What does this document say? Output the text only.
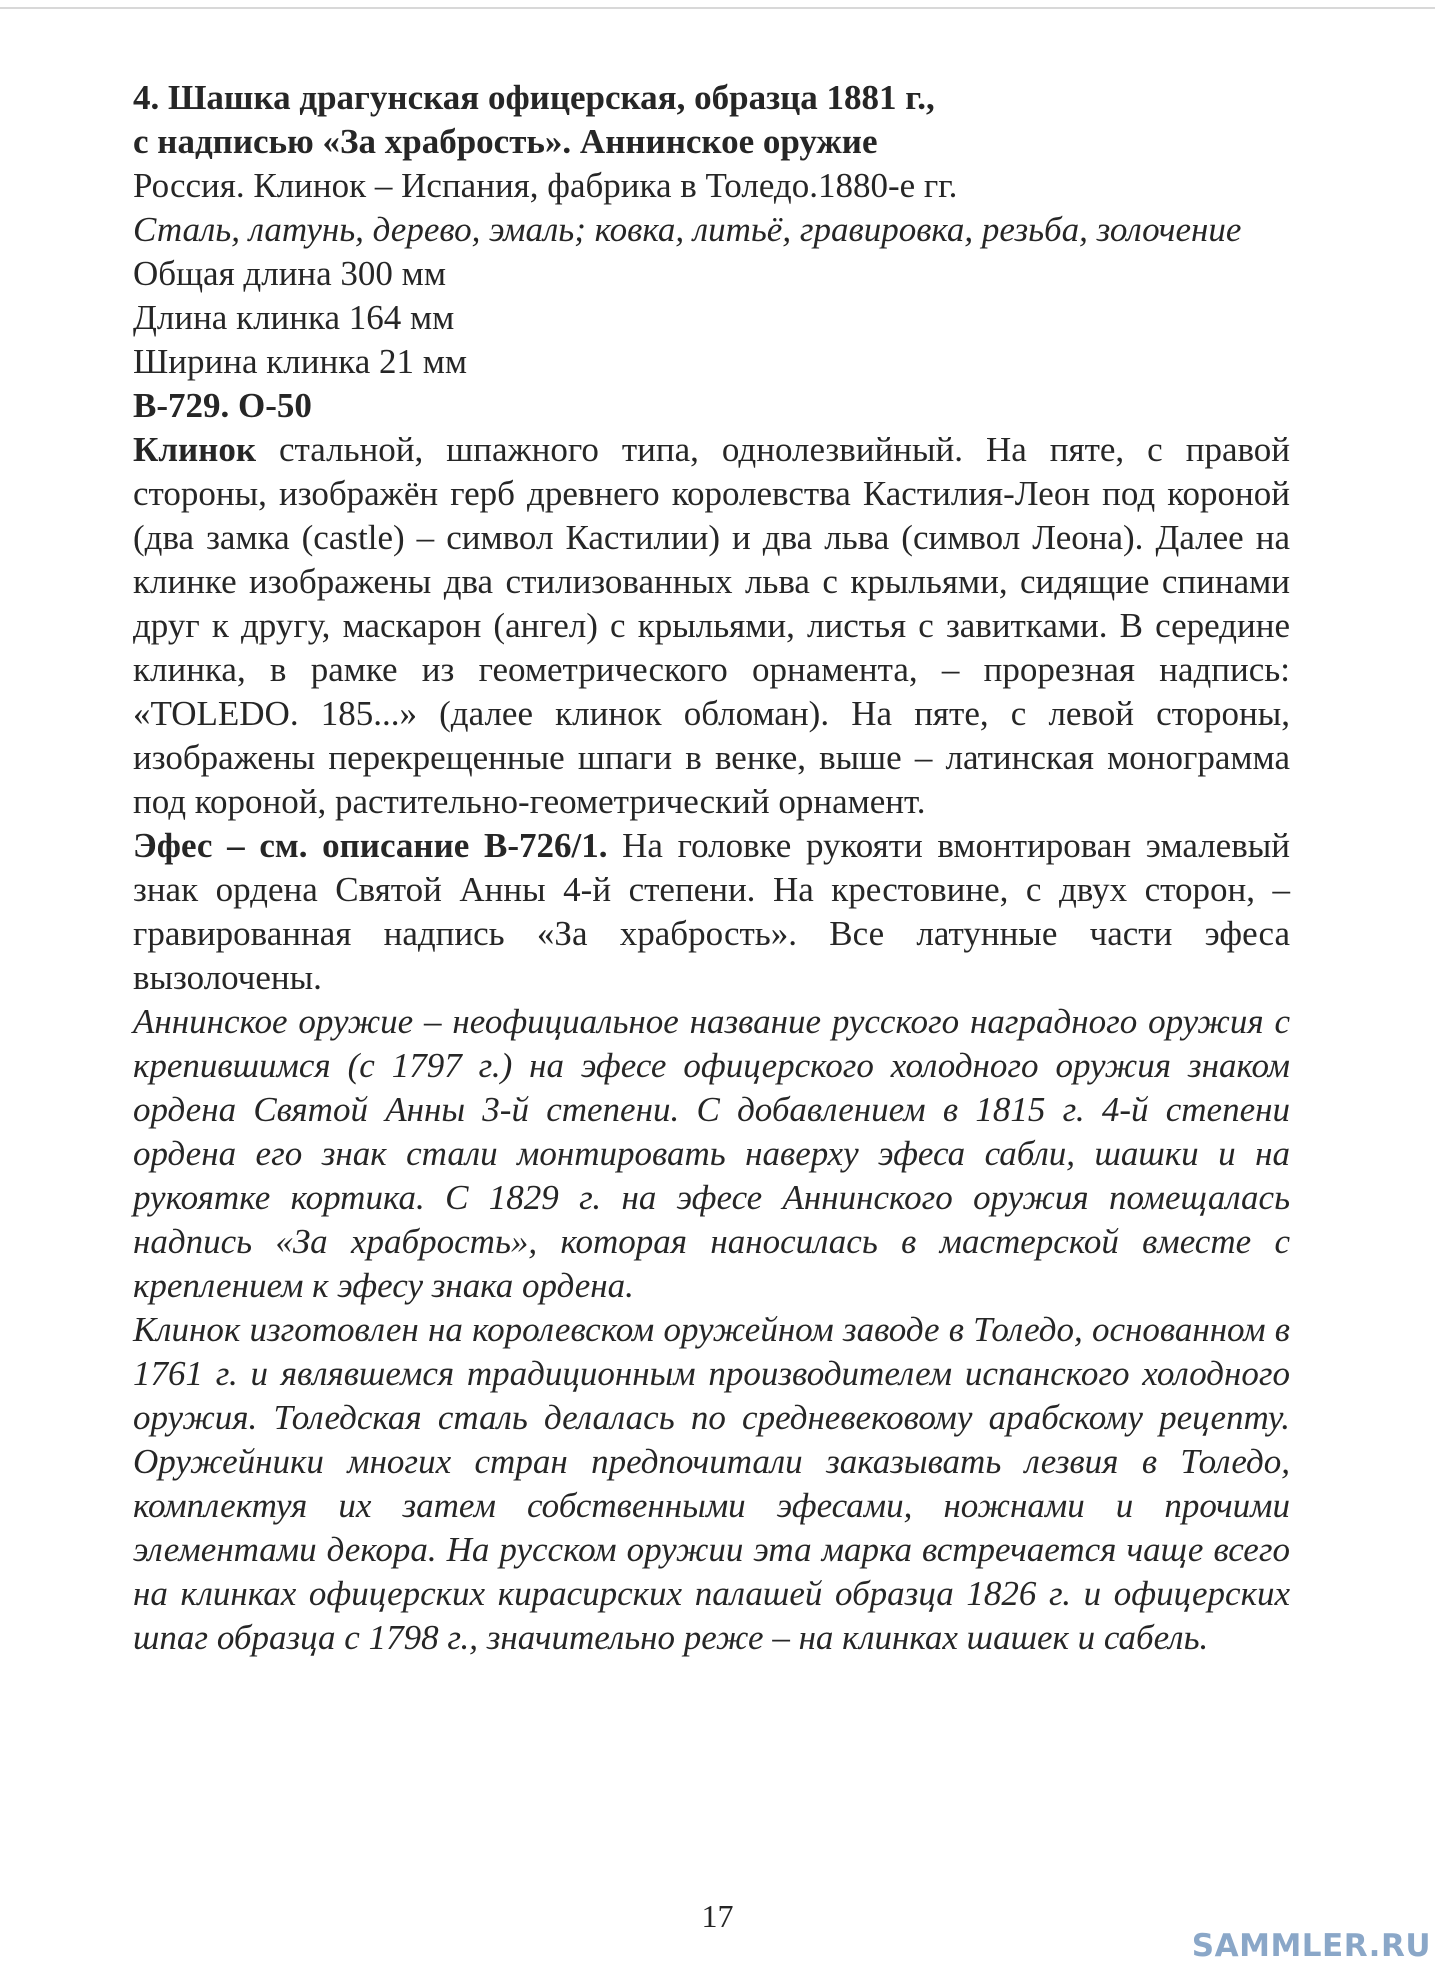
4. Шашка драгунская офицерская, образца 1881 г.,

с надписью «За храбрость». Аннинское оружие

Россия. Клинок – Испания, фабрика в Толедо.1880-е гг.

Сталь, латунь, дерево, эмаль; ковка, литьё, гравировка, резьба, золочение

Общая длина 300 мм

Длина клинка 164 мм

Ширина клинка 21 мм

В-729. О-50

Клинок стальной, шпажного типа, однолезвийный. На пяте, с правой стороны, изображён герб древнего королевства Кастилия-Леон под короной (два замка (castle) – символ Кастилии) и два льва (символ Леона). Далее на клинке изображены два стилизованных льва с крыльями, сидящие спинами друг к другу, маскарон (ангел) с крыльями, листья с завитками. В середине клинка, в рамке из геометрического орнамента, – прорезная надпись: «TOLEDO. 185...» (далее клинок обломан). На пяте, с левой стороны, изображены перекрещенные шпаги в венке, выше – латинская монограмма под короной, растительно-геометрический орнамент.

Эфес – см. описание В-726/1. На головке рукояти вмонтирован эмалевый знак ордена Святой Анны 4-й степени. На крестовине, с двух сторон, – гравированная надпись «За храбрость». Все латунные части эфеса вызолочены.

Аннинское оружие – неофициальное название русского наградного оружия с крепившимся (с 1797 г.) на эфесе офицерского холодного оружия знаком ордена Святой Анны 3-й степени. С добавлением в 1815 г. 4-й степени ордена его знак стали монтировать наверху эфеса сабли, шашки и на рукоятке кортика. С 1829 г. на эфесе Аннинского оружия помещалась надпись «За храбрость», которая наносилась в мастерской вместе с креплением к эфесу знака ордена.

Клинок изготовлен на королевском оружейном заводе в Толедо, основанном в 1761 г. и являвшемся традиционным производителем испанского холодного оружия. Толедская сталь делалась по средневековому арабскому рецепту. Оружейники многих стран предпочитали заказывать лезвия в Толедо, комплектуя их затем собственными эфесами, ножнами и прочими элементами декора. На русском оружии эта марка встречается чаще всего на клинках офицерских кирасирских палашей образца 1826 г. и офицерских шпаг образца с 1798 г., значительно реже – на клинках шашек и сабель.

17
SAMMLER.RU
